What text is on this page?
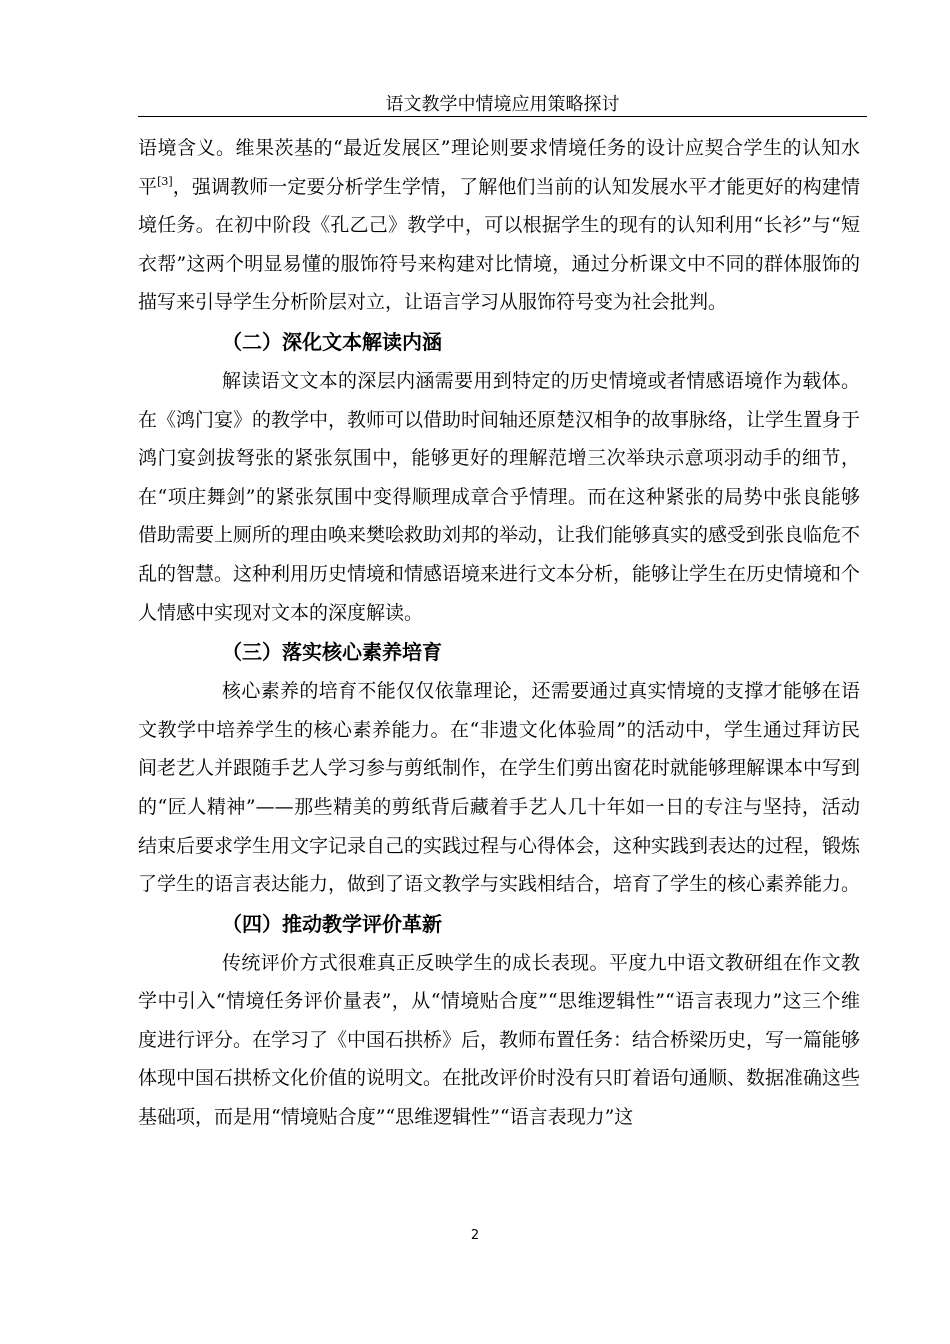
语文教学中情境应用策略探讨

语境含义。维果茨基的“最近发展区”理论则要求情境任务的设计应契合学生的认知水平[3]，强调教师一定要分析学生学情，了解他们当前的认知发展水平才能更好的构建情境任务。在初中阶段《孔乙己》教学中，可以根据学生的现有的认知利用“长衫”与“短衣帮”这两个明显易懂的服饰符号来构建对比情境，通过分析课文中不同的群体服饰的描写来引导学生分析阶层对立，让语言学习从服饰符号变为社会批判。

（二）深化文本解读内涵

解读语文文本的深层内涵需要用到特定的历史情境或者情感语境作为载体。在《鸿门宴》的教学中，教师可以借助时间轴还原楚汉相争的故事脉络，让学生置身于鸿门宴剑拔弩张的紧张氛围中，能够更好的理解范增三次举玦示意项羽动手的细节，在“项庄舞剑”的紧张氛围中变得顺理成章合乎情理。而在这种紧张的局势中张良能够借助需要上厕所的理由唤来樊哙救助刘邦的举动，让我们能够真实的感受到张良临危不乱的智慧。这种利用历史情境和情感语境来进行文本分析，能够让学生在历史情境和个人情感中实现对文本的深度解读。

（三）落实核心素养培育

核心素养的培育不能仅仅依靠理论，还需要通过真实情境的支撑才能够在语文教学中培养学生的核心素养能力。在“非遗文化体验周”的活动中，学生通过拜访民间老艺人并跟随手艺人学习参与剪纸制作，在学生们剪出窗花时就能够理解课本中写到的“匠人精神”——那些精美的剪纸背后藏着手艺人几十年如一日的专注与坚持，活动结束后要求学生用文字记录自己的实践过程与心得体会，这种实践到表达的过程，锻炼了学生的语言表达能力，做到了语文教学与实践相结合，培育了学生的核心素养能力。

（四）推动教学评价革新

传统评价方式很难真正反映学生的成长表现。平度九中语文教研组在作文教学中引入“情境任务评价量表”，从“情境贴合度”“思维逻辑性”“语言表现力”这三个维度进行评分。在学习了《中国石拱桥》后，教师布置任务：结合桥梁历史，写一篇能够体现中国石拱桥文化价值的说明文。在批改评价时没有只盯着语句通顺、数据准确这些基础项，而是用“情境贴合度”“思维逻辑性”“语言表现力”这

2
